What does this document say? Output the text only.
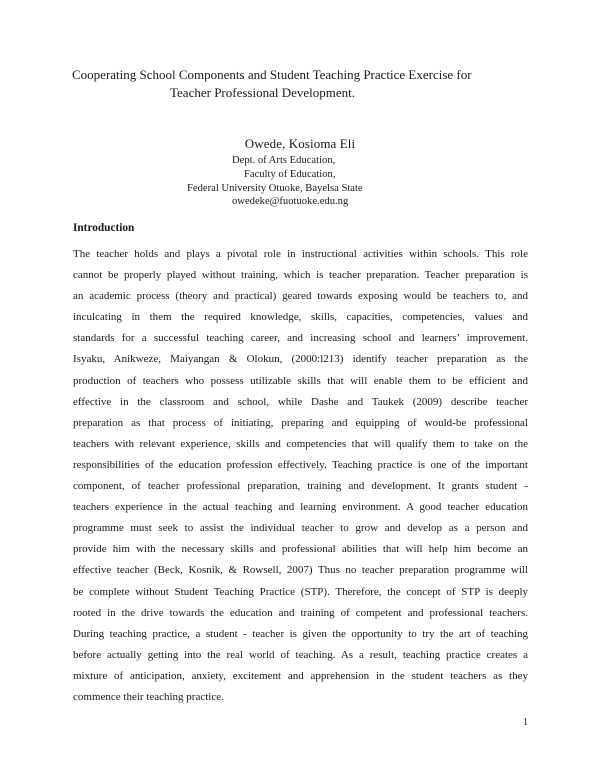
Cooperating School Components and Student Teaching Practice Exercise for
Teacher Professional Development.
Owede, Kosioma Eli
Dept. of Arts Education,
Faculty of Education,
Federal University Otuoke, Bayelsa State
owedeke@fuotuoke.edu.ng
Introduction
The teacher holds and plays a pivotal role in instructional activities within schools. This role
cannot be properly played without training, which is teacher preparation. Teacher preparation is
an academic process (theory and practical) geared towards exposing would be teachers to, and
inculcating in them the required knowledge, skills, capacities, competencies, values and
standards for a successful teaching career, and increasing school and learners’ improvement.
Isyaku, Anikweze, Maiyangan & Olokun, (2000:l213) identify teacher preparation as the
production of teachers who possess utilizable skills that will enable them to be efficient and
effective in the classroom and school, while Dashe and Taukek (2009) describe teacher
preparation as that process of initiating, preparing and equipping of would-be professional
teachers with relevant experience, skills and competencies that will qualify them to take on the
responsibilities of the education profession effectively. Teaching practice is one of the important
component, of teacher professional preparation, training and development. It grants student -
teachers experience in the actual teaching and learning environment. A good teacher education
programme must seek to assist the individual teacher to grow and develop as a person and
provide him with the necessary skills and professional abilities that will help him become an
effective teacher (Beck, Kosnik, & Rowsell, 2007) Thus no teacher preparation programme will
be complete without Student Teaching Practice (STP). Therefore, the concept of STP is deeply
rooted in the drive towards the education and training of competent and professional teachers.
During teaching practice, a student - teacher is given the opportunity to try the art of teaching
before actually getting into the real world of teaching. As a result, teaching practice creates a
mixture of anticipation, anxiety, excitement and apprehension in the student teachers as they
commence their teaching practice.
1
